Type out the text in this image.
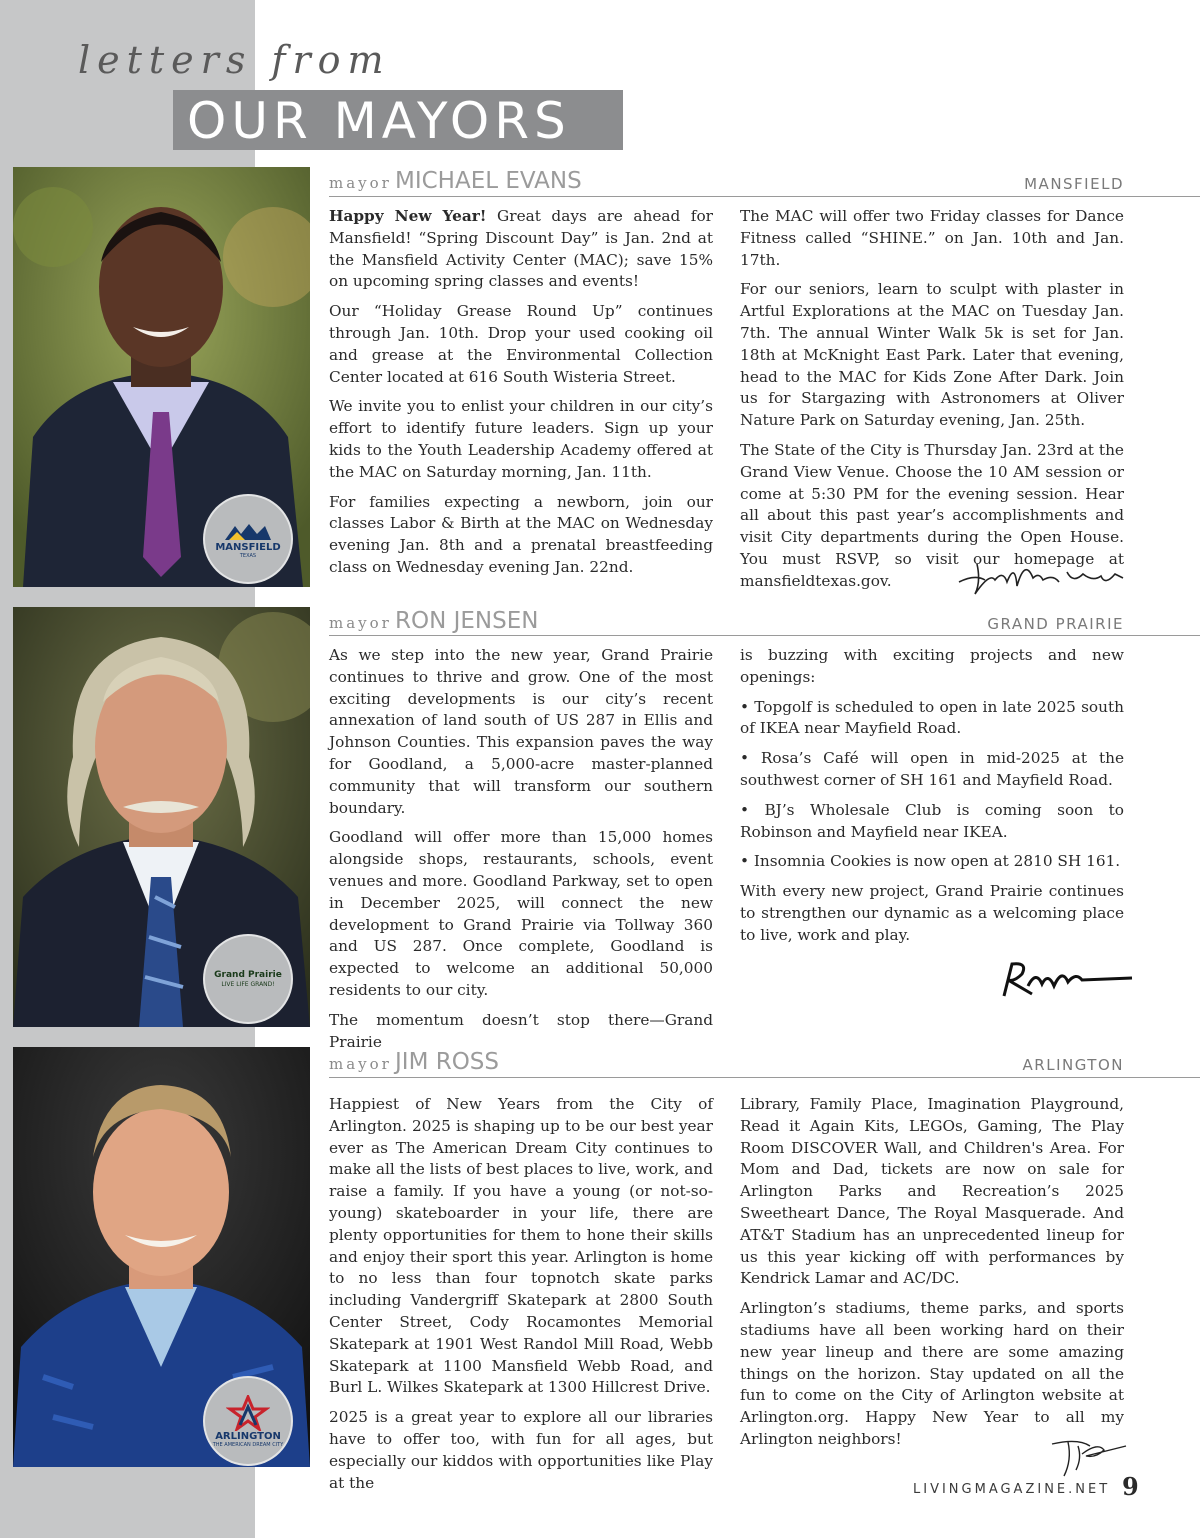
letters from
OUR MAYORS
MANSFIELD
TEXAS
mayor MICHAEL EVANS	MANSFIELD

Happy New Year! Great days are ahead for Mansfield! “Spring Discount Day” is Jan. 2nd at the Mansfield Activity Center (MAC); save 15% on upcoming spring classes and events!

Our “Holiday Grease Round Up” continues through Jan. 10th. Drop your used cooking oil and grease at the Environmental Collection Center located at 616 South Wisteria Street.

We invite you to enlist your children in our city’s effort to identify future leaders. Sign up your kids to the Youth Leadership Academy offered at the MAC on Saturday morning, Jan. 11th.

For families expecting a newborn, join our classes Labor & Birth at the MAC on Wednesday evening Jan. 8th and a prenatal breastfeeding class on Wednesday evening Jan. 22nd.

The MAC will offer two Friday classes for Dance Fitness called “SHINE.” on Jan. 10th and Jan. 17th.

For our seniors, learn to sculpt with plaster in Artful Explorations at the MAC on Tuesday Jan. 7th. The annual Winter Walk 5k is set for Jan. 18th at McKnight East Park. Later that evening, head to the MAC for Kids Zone After Dark. Join us for Stargazing with Astronomers at Oliver Nature Park on Saturday evening, Jan. 25th.

The State of the City is Thursday Jan. 23rd at the Grand View Venue. Choose the 10 AM session or come at 5:30 PM for the evening session. Hear all about this past year’s accomplishments and visit City departments during the Open House. You must RSVP, so visit our homepage at mansfieldtexas.gov.

Grand Prairie
LIVE LIFE GRAND!
mayor RON JENSEN	GRAND PRAIRIE

As we step into the new year, Grand Prairie continues to thrive and grow. One of the most exciting developments is our city’s recent annexation of land south of US 287 in Ellis and Johnson Counties. This expansion paves the way for Goodland, a 5,000-acre master-planned community that will transform our southern boundary.

Goodland will offer more than 15,000 homes alongside shops, restaurants, schools, event venues and more. Goodland Parkway, set to open in December 2025, will connect the new development to Grand Prairie via Tollway 360 and US 287. Once complete, Goodland is expected to welcome an additional 50,000 residents to our city.

The momentum doesn’t stop there—Grand Prairie

is buzzing with exciting projects and new openings:

• Topgolf is scheduled to open in late 2025 south of IKEA near Mayfield Road.

• Rosa’s Café will open in mid-2025 at the southwest corner of SH 161 and Mayfield Road.

• BJ’s Wholesale Club is coming soon to Robinson and Mayfield near IKEA.

• Insomnia Cookies is now open at 2810 SH 161.

With every new project, Grand Prairie continues to strengthen our dynamic as a welcoming place to live, work and play.

ARLINGTON
THE AMERICAN DREAM CITY
mayor JIM ROSS	ARLINGTON

Happiest of New Years from the City of Arlington. 2025 is shaping up to be our best year ever as The American Dream City continues to make all the lists of best places to live, work, and raise a family. If you have a young (or not-so-young) skateboarder in your life, there are plenty opportunities for them to hone their skills and enjoy their sport this year. Arlington is home to no less than four topnotch skate parks including Vandergriff Skatepark at 2800 South Center Street, Cody Rocamontes Memorial Skatepark at 1901 West Randol Mill Road, Webb Skatepark at 1100 Mansfield Webb Road, and Burl L. Wilkes Skatepark at 1300 Hillcrest Drive.

2025 is a great year to explore all our libraries have to offer too, with fun for all ages, but especially our kiddos with opportunities like Play at the

Library, Family Place, Imagination Playground, Read it Again Kits, LEGOs, Gaming, The Play Room DISCOVER Wall, and Children's Area. For Mom and Dad, tickets are now on sale for Arlington Parks and Recreation’s 2025 Sweetheart Dance, The Royal Masquerade. And AT&T Stadium has an unprecedented lineup for us this year kicking off with performances by Kendrick Lamar and AC/DC.

Arlington’s stadiums, theme parks, and sports stadiums have all been working hard on their new year lineup and there are some amazing things on the horizon. Stay updated on all the fun to come on the City of Arlington website at Arlington.org. Happy New Year to all my Arlington neighbors!

LIVINGMAGAZINE.NET 9
